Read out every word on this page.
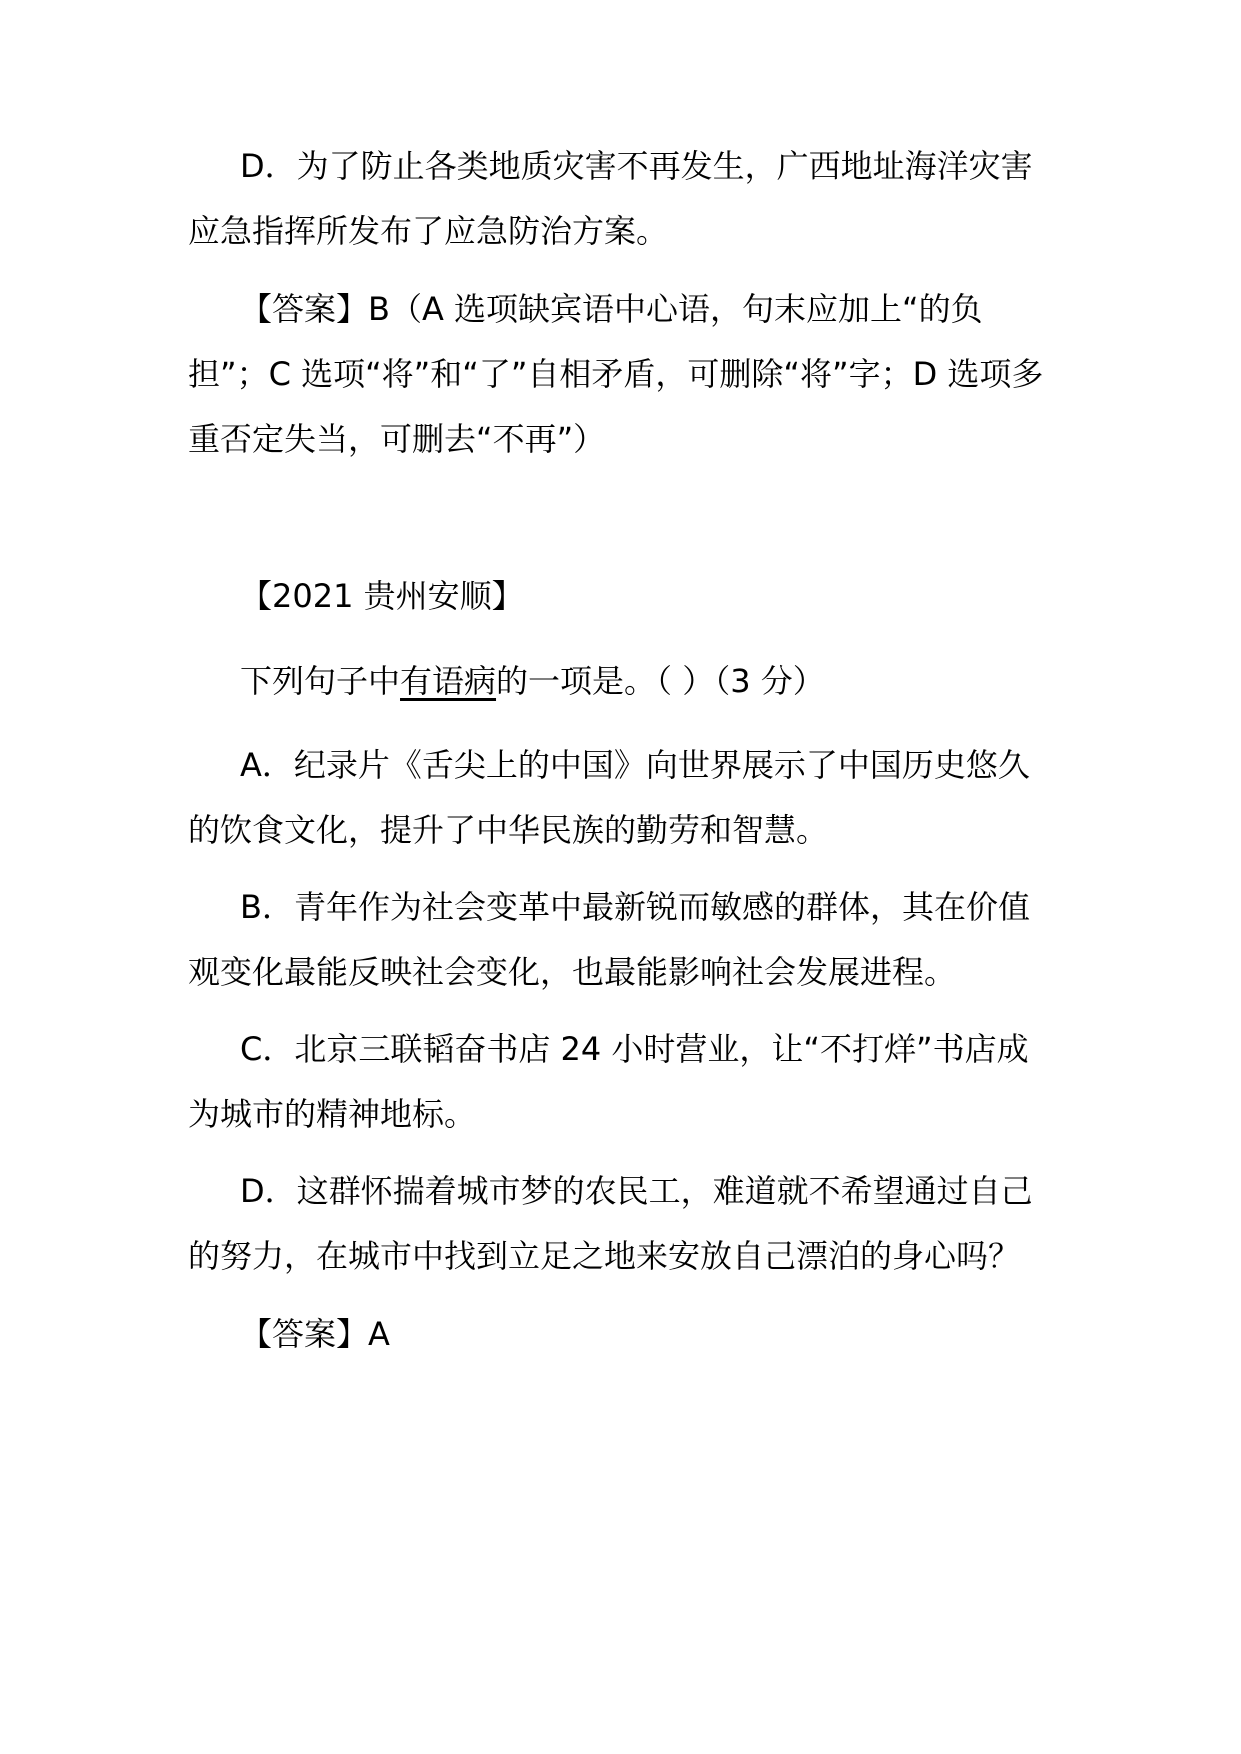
D．为了防止各类地质灾害不再发生，广西地址海洋灾害应急指挥所发布了应急防治方案。

【答案】B（A 选项缺宾语中心语，句末应加上“的负担”；C 选项“将”和“了”自相矛盾，可删除“将”字；D 选项多重否定失当，可删去“不再”）

【2021 贵州安顺】

下列句子中有语病的一项是。（ ）（3 分）

A．纪录片《舌尖上的中国》向世界展示了中国历史悠久的饮食文化，提升了中华民族的勤劳和智慧。

B．青年作为社会变革中最新锐而敏感的群体，其在价值观变化最能反映社会变化，也最能影响社会发展进程。

C．北京三联韬奋书店 24 小时营业，让“不打烊”书店成为城市的精神地标。

D．这群怀揣着城市梦的农民工，难道就不希望通过自己的努力，在城市中找到立足之地来安放自己漂泊的身心吗？

【答案】A
